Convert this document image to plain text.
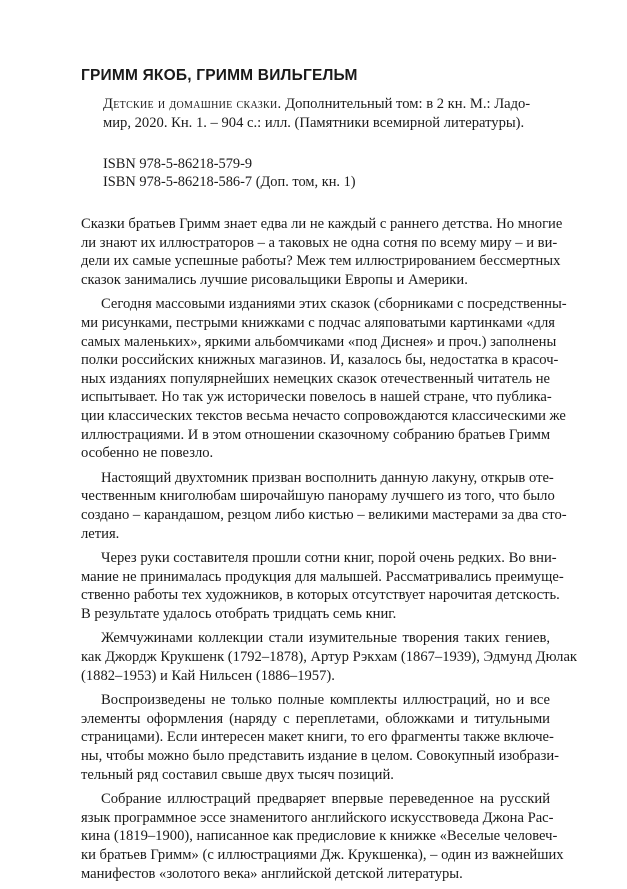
ГРИММ ЯКОБ, ГРИММ ВИЛЬГЕЛЬМ
Детские и домашние сказки. Дополнительный том: в 2 кн. М.: Ладо-
мир, 2020. Кн. 1. – 904 с.: илл. (Памятники всемирной литературы).
ISBN 978-5-86218-579-9
ISBN 978-5-86218-586-7 (Доп. том, кн. 1)

Сказки братьев Гримм знает едва ли не каждый с раннего детства. Но многие
ли знают их иллюстраторов – а таковых не одна сотня по всему миру – и ви-
дели их самые успешные работы? Меж тем иллюстрированием бессмертных
сказок занимались лучшие рисовальщики Европы и Америки.

Сегодня массовыми изданиями этих сказок (сборниками с посредственны-
ми рисунками, пестрыми книжками с подчас аляповатыми картинками «для
самых маленьких», яркими альбомчиками «под Диснея» и проч.) заполнены
полки российских книжных магазинов. И, казалось бы, недостатка в красоч-
ных изданиях популярнейших немецких сказок отечественный читатель не
испытывает. Но так уж исторически повелось в нашей стране, что публика-
ции классических текстов весьма нечасто сопровождаются классическими же
иллюстрациями. И в этом отношении сказочному собранию братьев Гримм
особенно не повезло.

Настоящий двухтомник призван восполнить данную лакуну, открыв оте-
чественным книголюбам широчайшую панораму лучшего из того, что было
создано – карандашом, резцом либо кистью – великими мастерами за два сто-
летия.

Через руки составителя прошли сотни книг, порой очень редких. Во вни-
мание не принималась продукция для малышей. Рассматривались преимуще-
ственно работы тех художников, в которых отсутствует нарочитая детскость.
В результате удалось отобрать тридцать семь книг.

Жемчужинами коллекции стали изумительные творения таких гениев,
как Джордж Крукшенк (1792–1878), Артур Рэкхам (1867–1939), Эдмунд Дюлак
(1882–1953) и Кай Нильсен (1886–1957).

Воспроизведены не только полные комплекты иллюстраций, но и все
элементы оформления (наряду с переплетами, обложками и титульными
страницами). Если интересен макет книги, то его фрагменты также включе-
ны, чтобы можно было представить издание в целом. Совокупный изобрази-
тельный ряд составил свыше двух тысяч позиций.

Собрание иллюстраций предваряет впервые переведенное на русский
язык программное эссе знаменитого английского искусствоведа Джона Рас-
кина (1819–1900), написанное как предисловие к книжке «Веселые человеч-
ки братьев Гримм» (с иллюстрациями Дж. Крукшенка), – один из важнейших
манифестов «золотого века» английской детской литературы.
